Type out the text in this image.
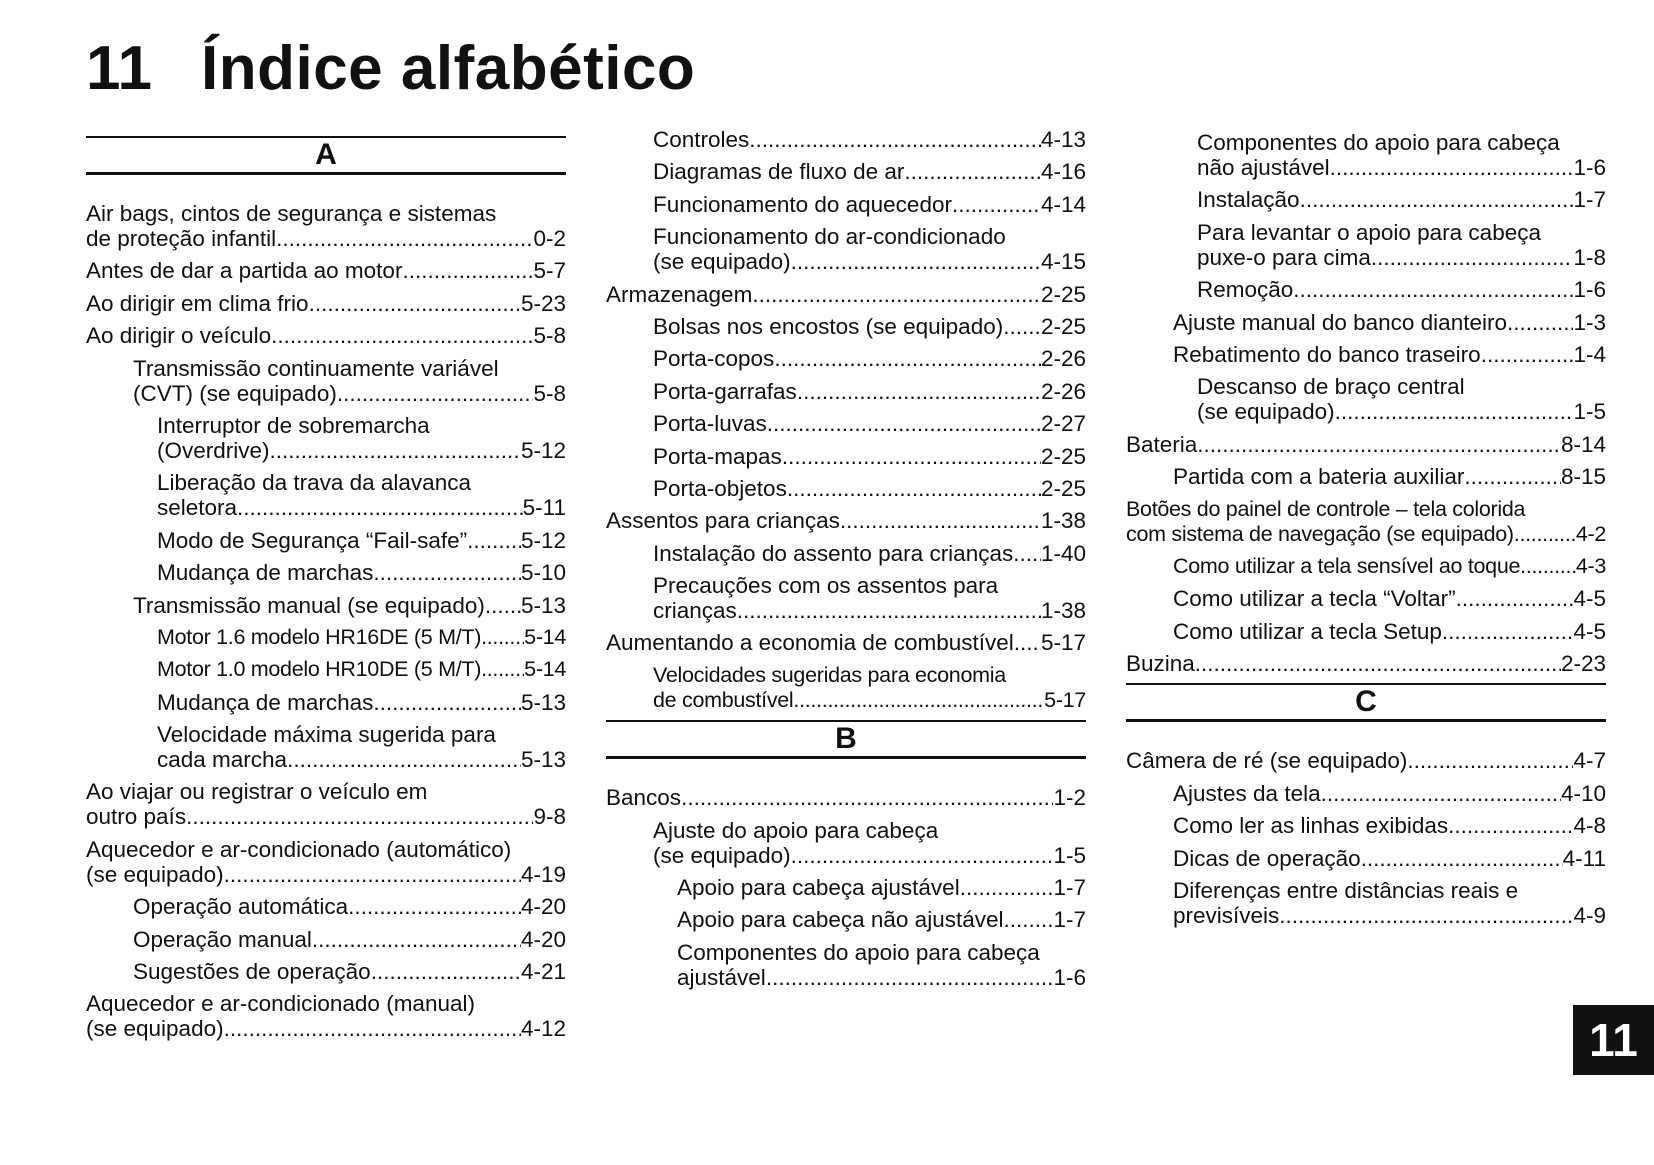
11 Índice alfabético
A
Air bags, cintos de segurança e sistemas
de proteção infantil .....	0-2
Antes de dar a partida ao motor .....	5-7
Ao dirigir em clima frio .....	5-23
Ao dirigir o veículo .....	5-8
Transmissão continuamente variável
(CVT) (se equipado) .....	5-8
Interruptor de sobremarcha
(Overdrive) .....	5-12
Liberação da trava da alavanca
seletora .....	5-11
Modo de Segurança “Fail-safe” ..... 5-12
Mudança de marchas .....	5-10
Transmissão manual (se equipado) ..... 5-13
Motor 1.6 modelo HR16DE (5 M/T) ..... 5-14
Motor 1.0 modelo HR10DE (5 M/T) ..... 5-14
Mudança de marchas .....	5-13
Velocidade máxima sugerida para
cada marcha .....	5-13
Ao viajar ou registrar o veículo em
outro país .....	9-8
Aquecedor e ar-condicionado (automático)
(se equipado) .....	4-19
Operação automática .....	4-20
Operação manual .....	4-20
Sugestões de operação .....	4-21
Aquecedor e ar-condicionado (manual)
(se equipado) .....	4-12
Controles .....	4-13
Diagramas de fluxo de ar .....	4-16
Funcionamento do aquecedor .....	4-14
Funcionamento do ar-condicionado
(se equipado) .....	4-15
Armazenagem .....	2-25
Bolsas nos encostos (se equipado) ..... 2-25
Porta-copos .....	2-26
Porta-garrafas .....	2-26
Porta-luvas .....	2-27
Porta-mapas .....	2-25
Porta-objetos .....	2-25
Assentos para crianças .....	1-38
Instalação do assento para crianças ..... 1-40
Precauções com os assentos para
crianças .....	1-38
Aumentando a economia de combustível ..... 5-17
Velocidades sugeridas para economia
de combustível .....	5-17
B
Bancos .....	1-2
Ajuste do apoio para cabeça
(se equipado) .....	1-5
Apoio para cabeça ajustável .....	1-7
Apoio para cabeça não ajustável ..... 1-7
Componentes do apoio para cabeça
ajustável .....	1-6
Componentes do apoio para cabeça
não ajustável .....	1-6
Instalação .....	1-7
Para levantar o apoio para cabeça
puxe-o para cima .....	1-8
Remoção .....	1-6
Ajuste manual do banco dianteiro .....	1-3
Rebatimento do banco traseiro .....	1-4
Descanso de braço central
(se equipado) .....	1-5
Bateria .....	8-14
Partida com a bateria auxiliar .....	8-15
Botões do painel de controle – tela colorida
com sistema de navegação (se equipado) .....	4-2
Como utilizar a tela sensível ao toque .....	4-3
Como utilizar a tecla “Voltar” .....	4-5
Como utilizar a tecla Setup .....	4-5
Buzina .....	2-23
C
Câmera de ré (se equipado) .....	4-7
Ajustes da tela .....	4-10
Como ler as linhas exibidas .....	4-8
Dicas de operação .....	4-11
Diferenças entre distâncias reais e
previsíveis .....	4-9
11
